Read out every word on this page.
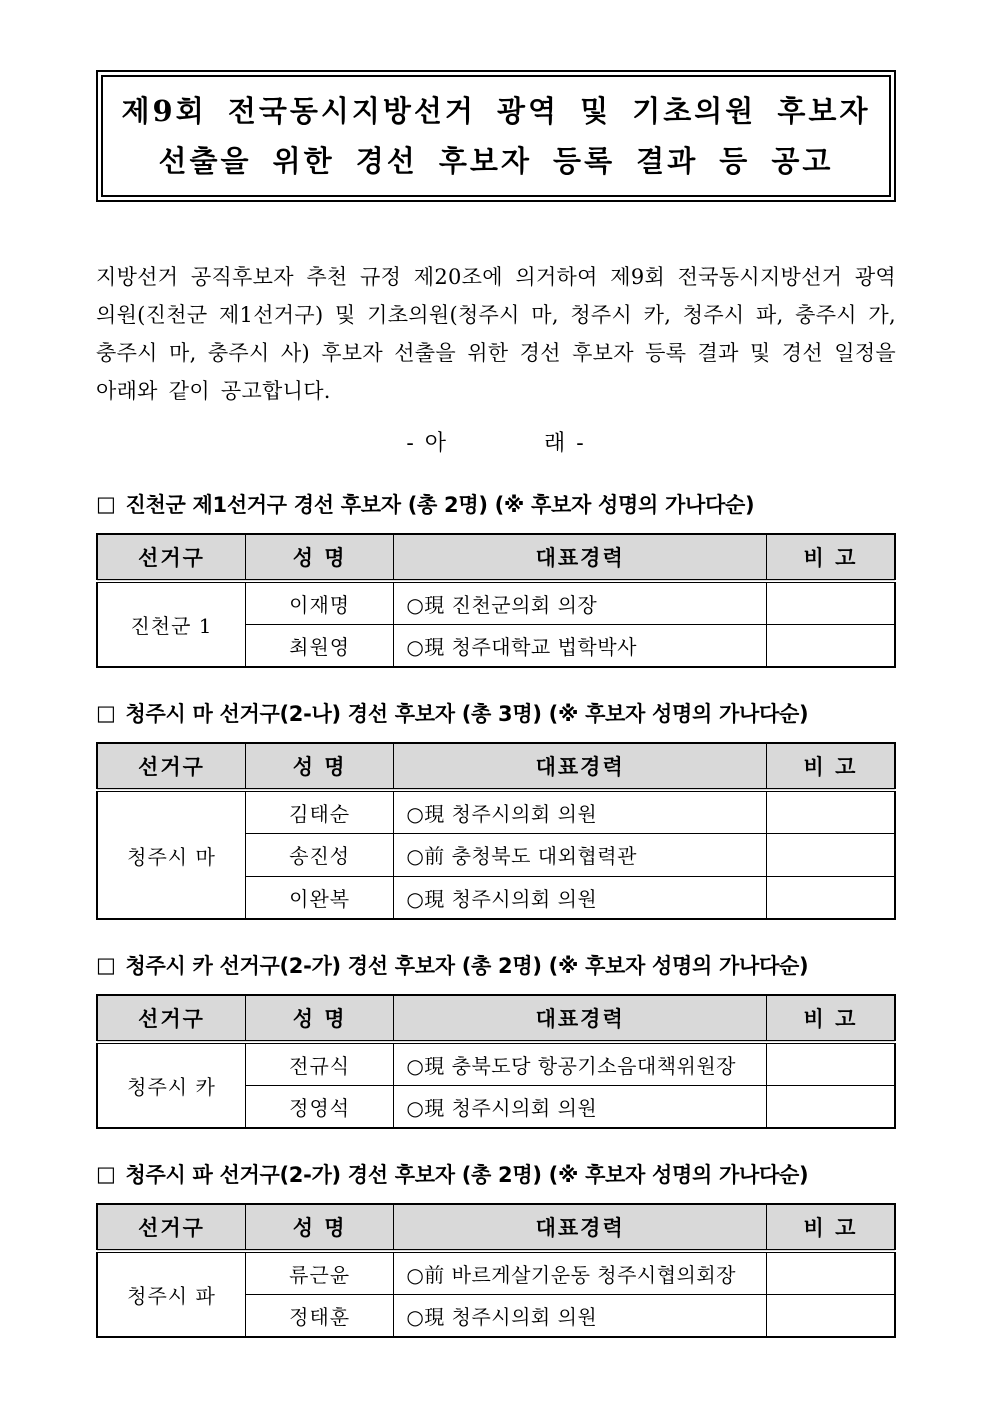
제9회 전국동시지방선거 광역 및 기초의원 후보자
선출을 위한 경선 후보자 등록 결과 등 공고

지방선거 공직후보자 추천 규정 제20조에 의거하여 제9회 전국동시지방선거 광역의원(진천군 제1선거구) 및 기초의원(청주시 마, 청주시 카, 청주시 파, 충주시 가, 충주시 마, 충주시 사) 후보자 선출을 위한 경선 후보자 등록 결과 및 경선 일정을 아래와 같이 공고합니다.

- 아    래 -
□ 진천군 제1선거구 경선 후보자 (총 2명) (※ 후보자 성명의 가나다순)
선거구	성 명	대표경력	비 고
진천군 1	이재명	○現 진천군의회 의장	
	최원영	○現 청주대학교 법학박사	
□ 청주시 마 선거구(2-나) 경선 후보자 (총 3명) (※ 후보자 성명의 가나다순)
선거구	성 명	대표경력	비 고
청주시 마	김태순	○現 청주시의회 의원	
	송진성	○前 충청북도 대외협력관	
	이완복	○現 청주시의회 의원	
□ 청주시 카 선거구(2-가) 경선 후보자 (총 2명) (※ 후보자 성명의 가나다순)
선거구	성 명	대표경력	비 고
청주시 카	전규식	○現 충북도당 항공기소음대책위원장	
	정영석	○現 청주시의회 의원	
□ 청주시 파 선거구(2-가) 경선 후보자 (총 2명) (※ 후보자 성명의 가나다순)
선거구	성 명	대표경력	비 고
청주시 파	류근윤	○前 바르게살기운동 청주시협의회장	
	정태훈	○現 청주시의회 의원	
